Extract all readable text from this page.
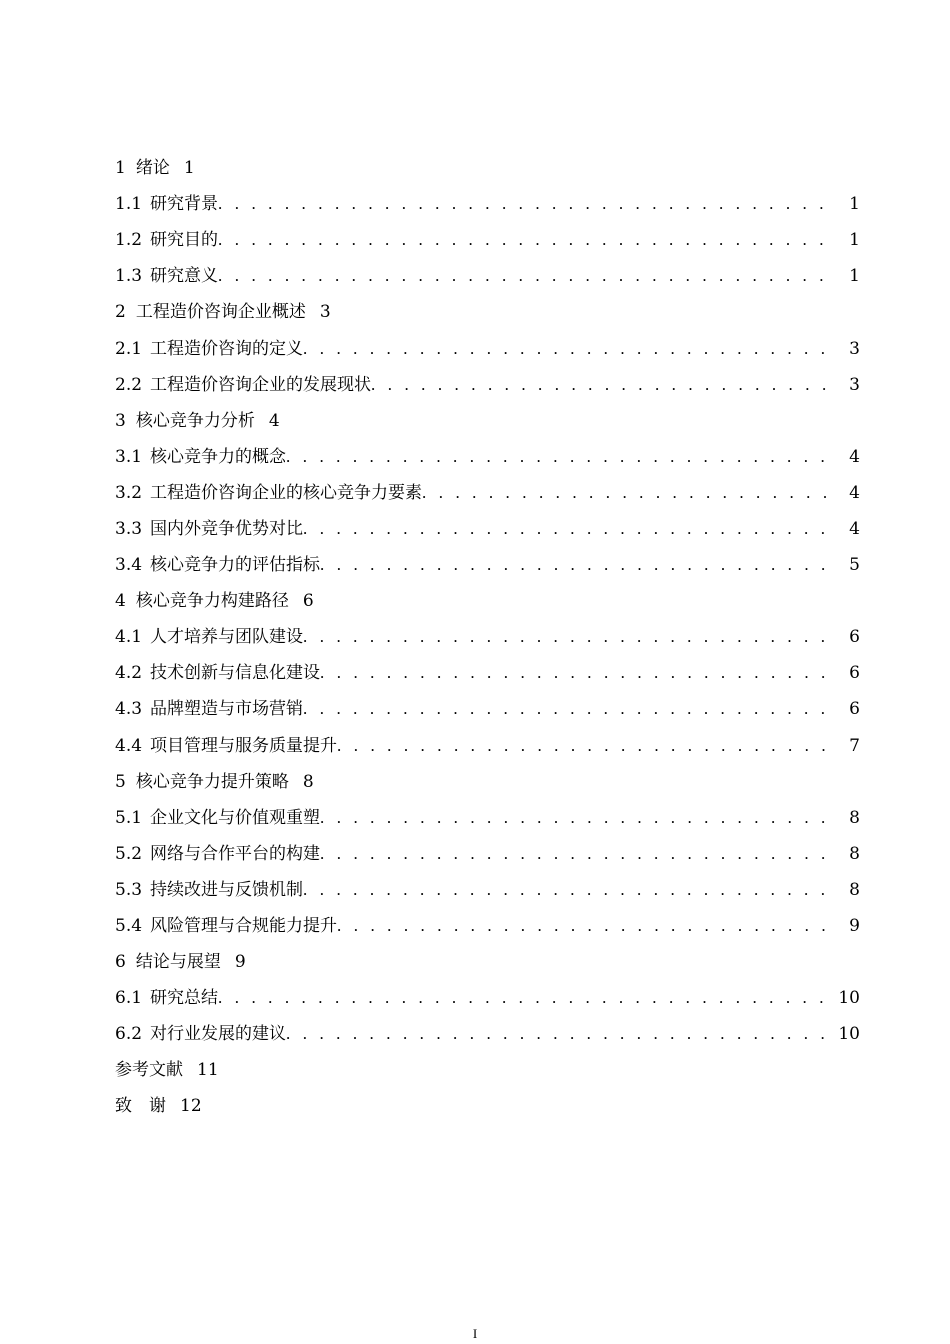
1 绪论 1
1.1 研究背景 . . .	1
1.2 研究目的 . . .	1
1.3 研究意义 . . .	1
2 工程造价咨询企业概述 3
2.1 工程造价咨询的定义 . . .	3
2.2 工程造价咨询企业的发展现状 . . .	3
3 核心竞争力分析 4
3.1 核心竞争力的概念 . . .	4
3.2 工程造价咨询企业的核心竞争力要素 . . .	4
3.3 国内外竞争优势对比 . . .	4
3.4 核心竞争力的评估指标 . . .	5
4 核心竞争力构建路径 6
4.1 人才培养与团队建设 . . .	6
4.2 技术创新与信息化建设 . . .	6
4.3 品牌塑造与市场营销 . . .	6
4.4 项目管理与服务质量提升 . . .	7
5 核心竞争力提升策略 8
5.1 企业文化与价值观重塑 . . .	8
5.2 网络与合作平台的构建 . . .	8
5.3 持续改进与反馈机制 . . .	8
5.4 风险管理与合规能力提升 . . .	9
6 结论与展望 9
6.1 研究总结 . . .	10
6.2 对行业发展的建议 . . .	10
参考文献 11
致　谢 12
I
